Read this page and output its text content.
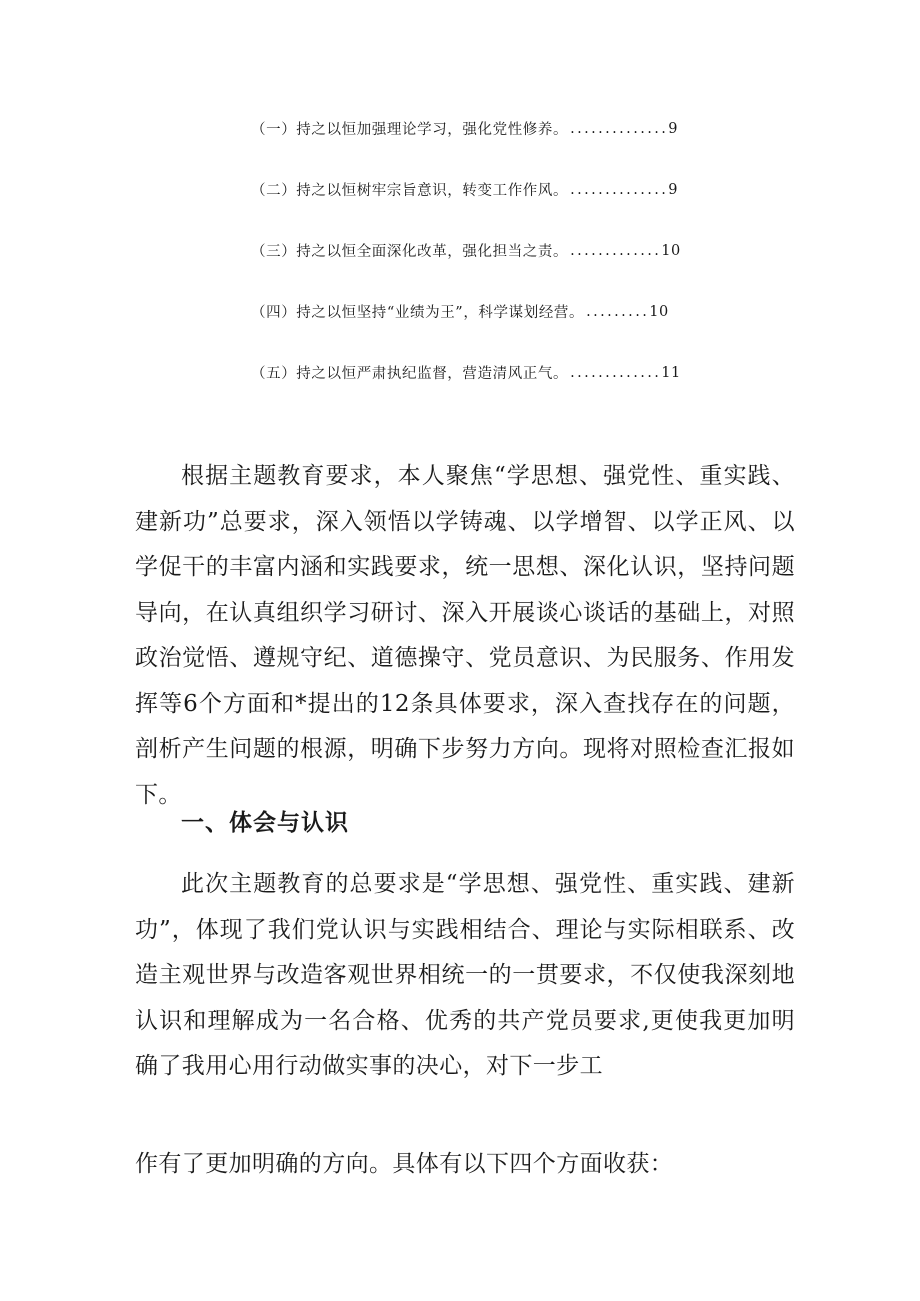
（一）持之以恒加强理论学习，强化党性修养。 .............. 9
（二）持之以恒树牢宗旨意识，转变工作作风。 .............. 9
（三）持之以恒全面深化改革，强化担当之责。 ............. 10
（四）持之以恒坚持“业绩为王”，科学谋划经营。 ......... 10
（五）持之以恒严肃执纪监督，营造清风正气。 ............. 11

根据主题教育要求，本人聚焦“学思想、强党性、重实践、建新功”总要求，深入领悟以学铸魂、以学增智、以学正风、以学促干的丰富内涵和实践要求，统一思想、深化认识，坚持问题导向，在认真组织学习研讨、深入开展谈心谈话的基础上，对照政治觉悟、遵规守纪、道德操守、党员意识、为民服务、作用发挥等6个方面和*提出的12条具体要求，深入查找存在的问题，剖析产生问题的根源，明确下步努力方向。现将对照检查汇报如下。

一、体会与认识

此次主题教育的总要求是“学思想、强党性、重实践、建新功”，体现了我们党认识与实践相结合、理论与实际相联系、改造主观世界与改造客观世界相统一的一贯要求，不仅使我深刻地认识和理解成为一名合格、优秀的共产党员要求,更使我更加明确了我用心用行动做实事的决心，对下一步工

作有了更加明确的方向。具体有以下四个方面收获：
